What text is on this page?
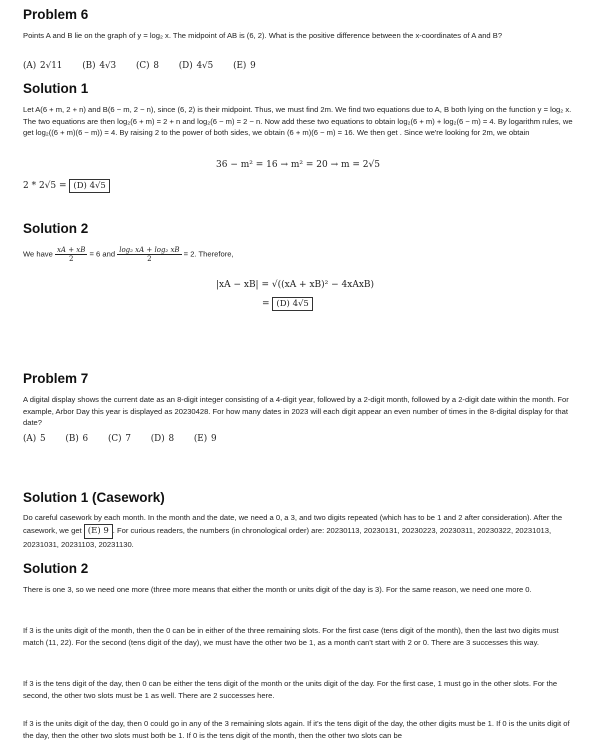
Problem 6

Points A and B lie on the graph of y = log₂ x. The midpoint of AB is (6, 2). What is the positive difference between the x-coordinates of A and B?

(A) 2√11 (B) 4√3 (C) 8 (D) 4√5 (E) 9
Solution 1

Let A(6 + m, 2 + n) and B(6 − m, 2 − n), since (6, 2) is their midpoint. Thus, we must find 2m. We find two equations due to A, B both lying on the function y = log₂ x. The two equations are then log₂(6 + m) = 2 + n and log₂(6 − m) = 2 − n. Now add these two equations to obtain log₂(6 + m) + log₂(6 − m) = 4. By logarithm rules, we get log₂((6 + m)(6 − m)) = 4. By raising 2 to the power of both sides, we obtain (6 + m)(6 − m) = 16. We then get . Since we're looking for 2m, we obtain

36 − m² = 16 → m² = 20 → m = 2√5
2 * 2√5 = (D) 4√5
Solution 2
We have $\frac{xA + xB}{2} = 6$ and $\frac{\text{log₂ xA + log₂ xB}}{2} = 2$. Therefore,
|xA − xB| = √((xA + xB)² − 4xAxB)
= (D) 4√5
Problem 7

A digital display shows the current date as an 8-digit integer consisting of a 4-digit year, followed by a 2-digit month, followed by a 2-digit date within the month. For example, Arbor Day this year is displayed as 20230428. For how many dates in 2023 will each digit appear an even number of times in the 8-digital display for that date?

(A) 5 (B) 6 (C) 7 (D) 8 (E) 9
Solution 1 (Casework)

Do careful casework by each month. In the month and the date, we need a 0, a 3, and two digits repeated (which has to be 1 and 2 after consideration). After the casework, we get (E) 9 . For curious readers, the numbers (in chronological order) are: 20230113, 20230131, 20230223, 20230311, 20230322, 20231013, 20231031, 20231103, 20231130.

Solution 2

There is one 3, so we need one more (three more means that either the month or units digit of the day is 3). For the same reason, we need one more 0.

If 3 is the units digit of the month, then the 0 can be in either of the three remaining slots. For the first case (tens digit of the month), then the last two digits must match (11, 22). For the second (tens digit of the day), we must have the other two be 1, as a month can't start with 2 or 0. There are 3 successes this way.

If 3 is the tens digit of the day, then 0 can be either the tens digit of the month or the units digit of the day. For the first case, 1 must go in the other slots. For the second, the other two slots must be 1 as well. There are 2 successes here.

If 3 is the units digit of the day, then 0 could go in any of the 3 remaining slots again. If it's the tens digit of the day, the other digits must be 1. If 0 is the units digit of the day, then the other two slots must both be 1. If 0 is the tens digit of the month, then the other two slots can be
